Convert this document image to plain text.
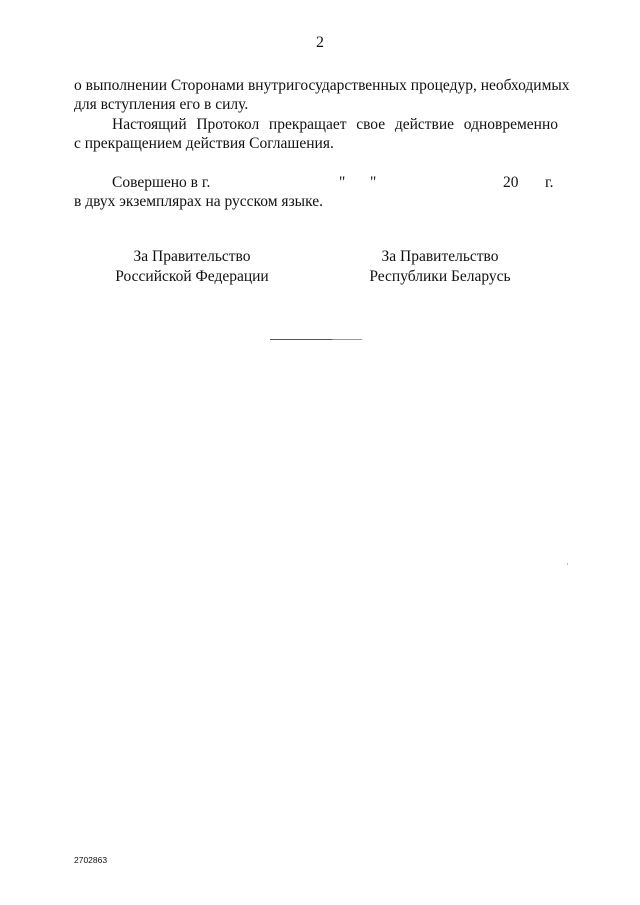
2
о выполнении Сторонами внутригосударственных процедур, необходимых
для вступления его в силу.
Настоящий Протокол прекращает свое действие одновременно
с прекращением действия Соглашения.
Совершено в г.	" "	20 г.
в двух экземплярах на русском языке.
За Правительство
Российской Федерации
За Правительство
Республики Беларусь
2702863
